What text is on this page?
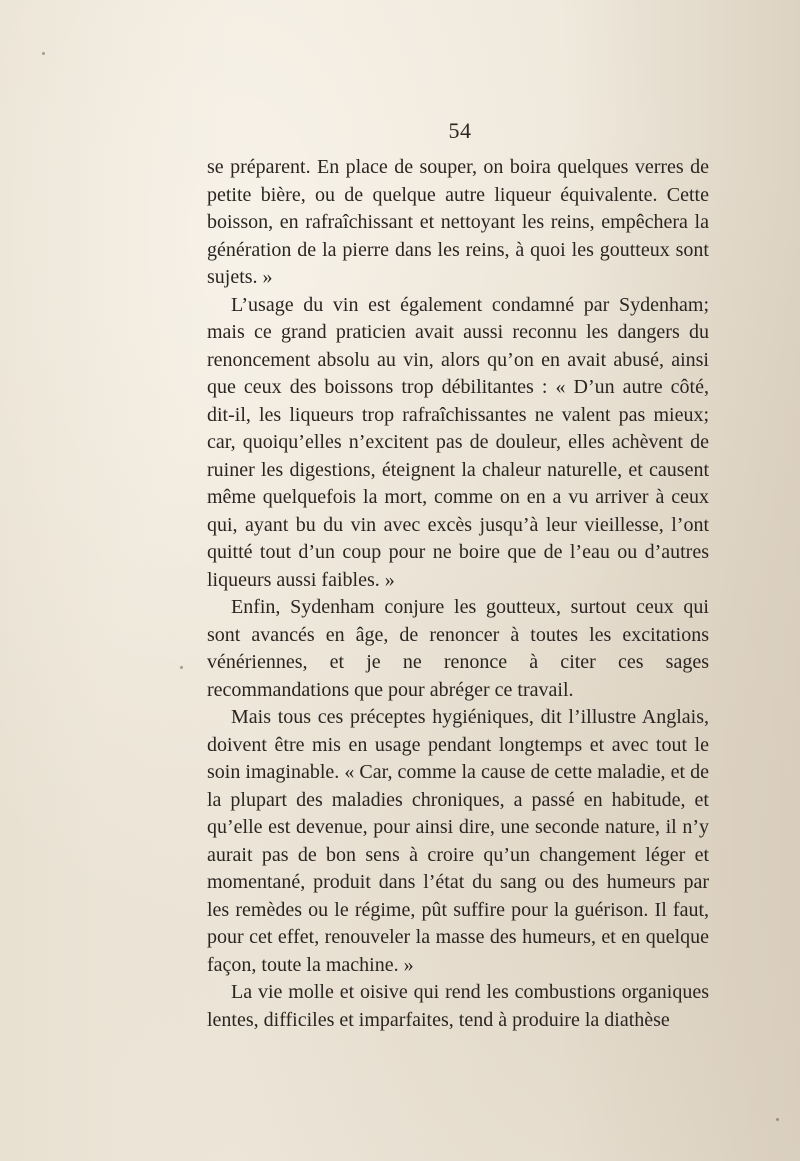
54

se préparent. En place de souper, on boira quelques verres de petite bière, ou de quelque autre liqueur équivalente. Cette boisson, en rafraîchissant et nettoyant les reins, empêchera la génération de la pierre dans les reins, à quoi les goutteux sont sujets. »

L’usage du vin est également condamné par Sydenham; mais ce grand praticien avait aussi reconnu les dangers du renoncement absolu au vin, alors qu’on en avait abusé, ainsi que ceux des boissons trop débilitantes : « D’un autre côté, dit-il, les liqueurs trop rafraîchissantes ne valent pas mieux; car, quoiqu’elles n’excitent pas de douleur, elles achèvent de ruiner les digestions, éteignent la chaleur naturelle, et causent même quelquefois la mort, comme on en a vu arriver à ceux qui, ayant bu du vin avec excès jusqu’à leur vieillesse, l’ont quitté tout d’un coup pour ne boire que de l’eau ou d’autres liqueurs aussi faibles. »

Enfin, Sydenham conjure les goutteux, surtout ceux qui sont avancés en âge, de renoncer à toutes les excitations vénériennes, et je ne renonce à citer ces sages recommandations que pour abréger ce travail.

Mais tous ces préceptes hygiéniques, dit l’illustre Anglais, doivent être mis en usage pendant longtemps et avec tout le soin imaginable. « Car, comme la cause de cette maladie, et de la plupart des maladies chroniques, a passé en habitude, et qu’elle est devenue, pour ainsi dire, une seconde nature, il n’y aurait pas de bon sens à croire qu’un changement léger et momentané, produit dans l’état du sang ou des humeurs par les remèdes ou le régime, pût suffire pour la guérison. Il faut, pour cet effet, renouveler la masse des humeurs, et en quelque façon, toute la machine. »

La vie molle et oisive qui rend les combustions organiques lentes, difficiles et imparfaites, tend à produire la diathèse
